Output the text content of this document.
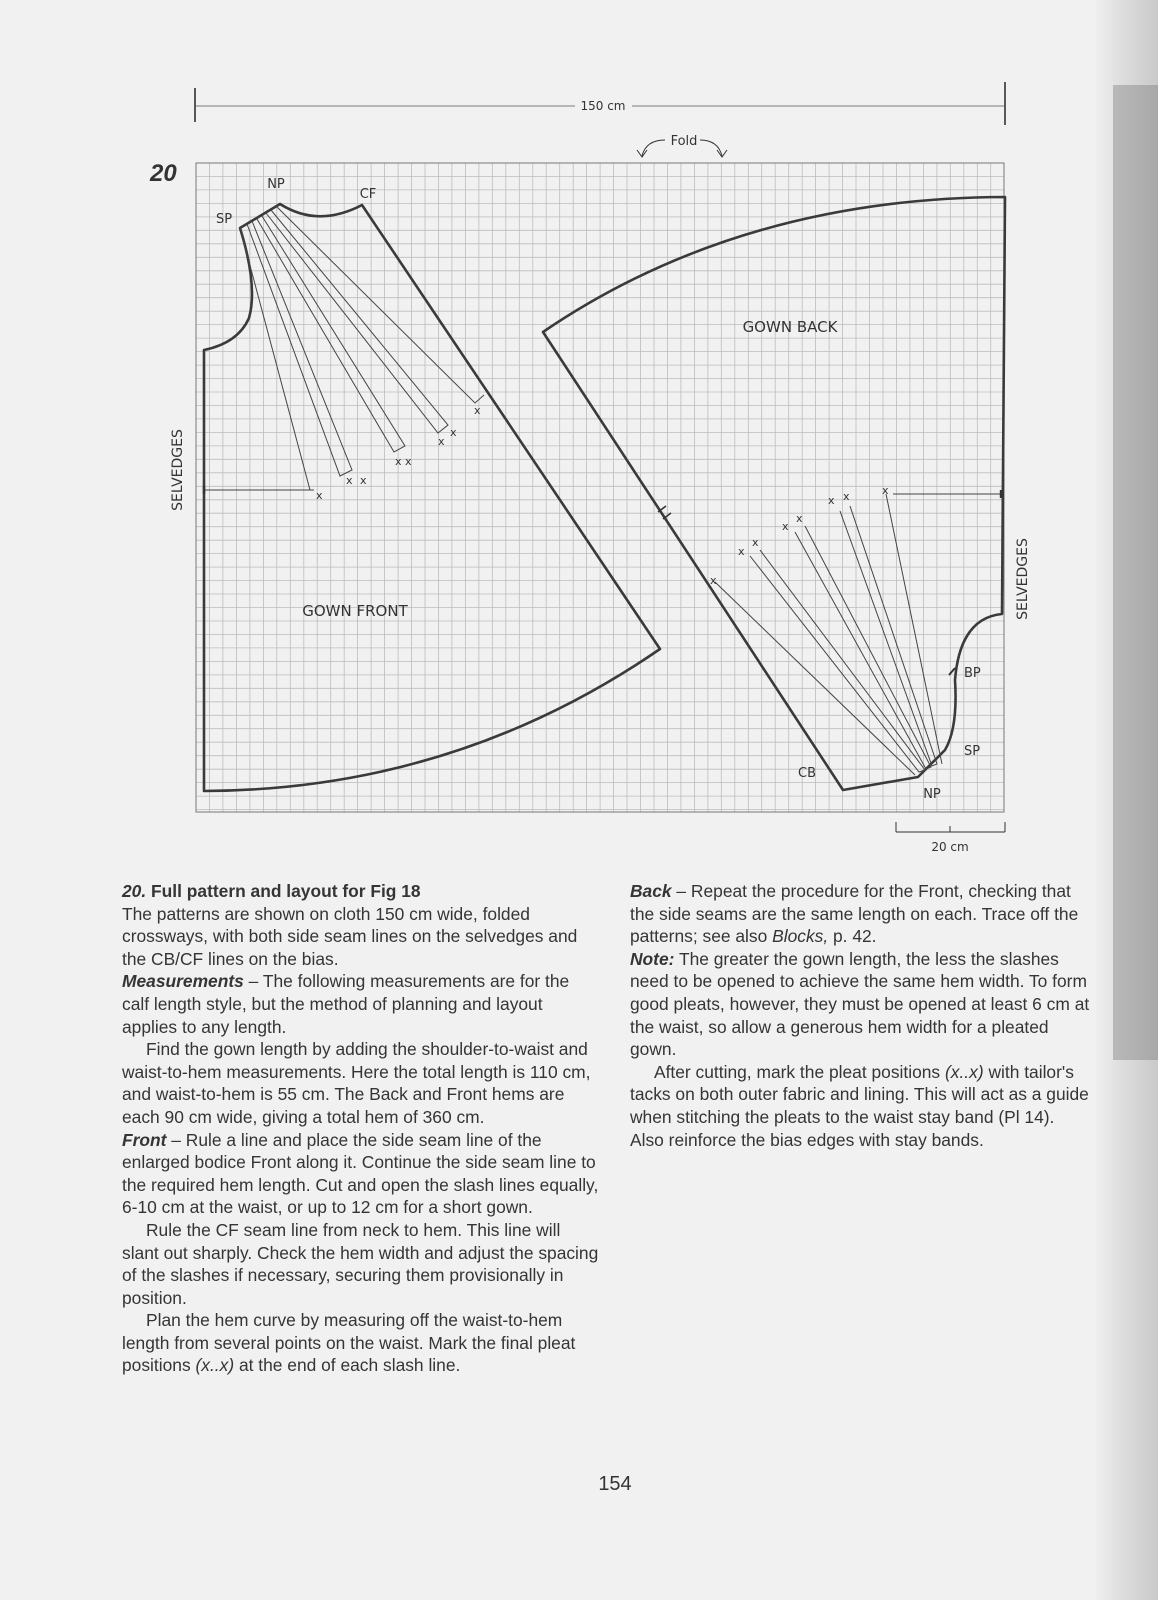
20
150 cm
Fold
x
x x
x x
x
x
x
NP
CF
SP
GOWN FRONT
x
x x
x
x
x
x
x
BP
SP
CB
NP
GOWN BACK
SELVEDGES
SELVEDGES
20 cm

20. Full pattern and layout for Fig 18

The patterns are shown on cloth 150 cm wide, folded crossways, with both side seam lines on the selvedges and the CB/CF lines on the bias.

Measurements – The following measurements are for the calf length style, but the method of planning and layout applies to any length.

Find the gown length by adding the shoulder-to-waist and waist-to-hem measurements. Here the total length is 110 cm, and waist-to-hem is 55 cm. The Back and Front hems are each 90 cm wide, giving a total hem of 360 cm.

Front – Rule a line and place the side seam line of the enlarged bodice Front along it. Continue the side seam line to the required hem length. Cut and open the slash lines equally, 6-10 cm at the waist, or up to 12 cm for a short gown.

Rule the CF seam line from neck to hem. This line will slant out sharply. Check the hem width and adjust the spacing of the slashes if necessary, securing them provisionally in position.

Plan the hem curve by measuring off the waist-to-hem length from several points on the waist. Mark the final pleat positions (x..x) at the end of each slash line.

Back – Repeat the procedure for the Front, checking that the side seams are the same length on each. Trace off the patterns; see also Blocks, p. 42.

Note: The greater the gown length, the less the slashes need to be opened to achieve the same hem width. To form good pleats, however, they must be opened at least 6 cm at the waist, so allow a generous hem width for a pleated gown.

After cutting, mark the pleat positions (x..x) with tailor's tacks on both outer fabric and lining. This will act as a guide when stitching the pleats to the waist stay band (Pl 14). Also reinforce the bias edges with stay bands.

154
